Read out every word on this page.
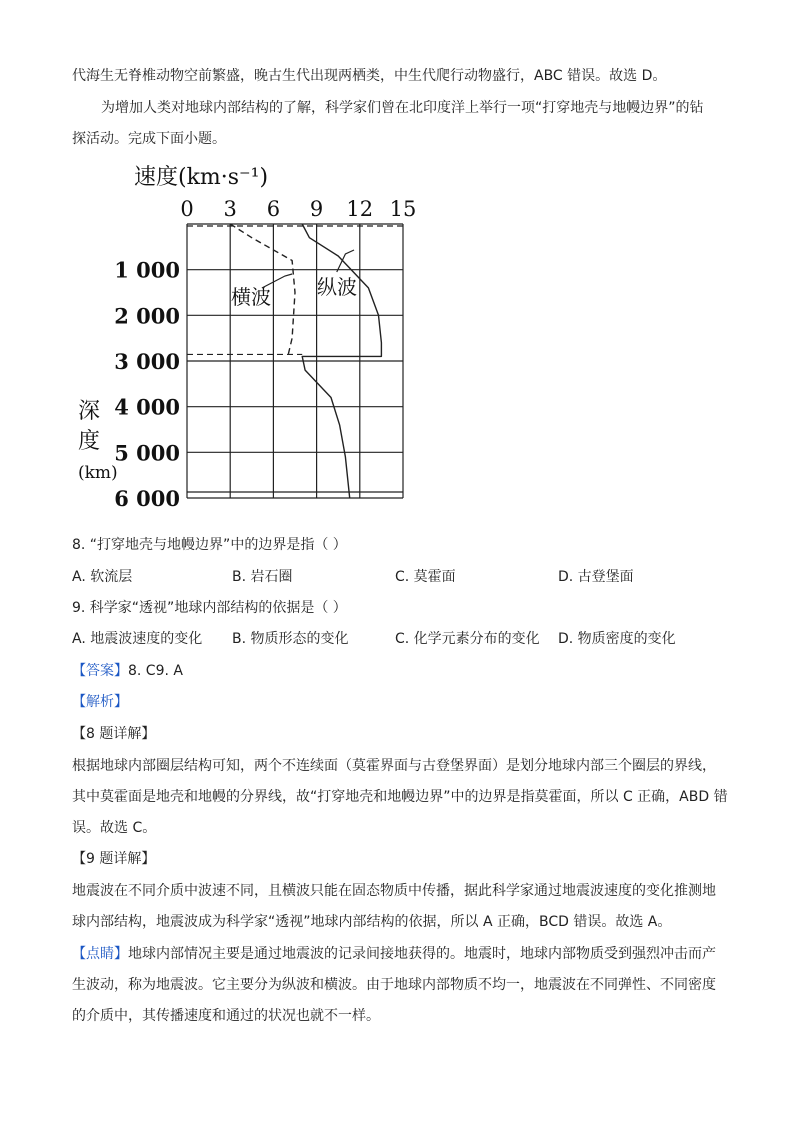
代海生无脊椎动物空前繁盛，晚古生代出现两栖类，中生代爬行动物盛行，ABC 错误。故选 D。
为增加人类对地球内部结构的了解，科学家们曾在北印度洋上举行一项“打穿地壳与地幔边界”的钻
探活动。完成下面小题。
速度(km·s⁻¹)
深度(km)
0 3 6 9 12 15
1 000
2 000
3 000
4 000
5 000
6 000
横波 纵波
8. “打穿地壳与地幔边界”中的边界是指（ ）
A. 软流层	B. 岩石圈	C. 莫霍面	D. 古登堡面
9. 科学家“透视”地球内部结构的依据是（ ）
A. 地震波速度的变化 B. 物质形态的变化	C. 化学元素分布的变化 D. 物质密度的变化
【答案】8. C9. A
【解析】
【8 题详解】
根据地球内部圈层结构可知，两个不连续面（莫霍界面与古登堡界面）是划分地球内部三个圈层的界线，
其中莫霍面是地壳和地幔的分界线，故“打穿地壳和地幔边界”中的边界是指莫霍面，所以 C 正确，ABD 错
误。故选 C。
【9 题详解】
地震波在不同介质中波速不同，且横波只能在固态物质中传播，据此科学家通过地震波速度的变化推测地
球内部结构，地震波成为科学家“透视”地球内部结构的依据，所以 A 正确，BCD 错误。故选 A。
【点睛】地球内部情况主要是通过地震波的记录间接地获得的。地震时，地球内部物质受到强烈冲击而产
生波动，称为地震波。它主要分为纵波和横波。由于地球内部物质不均一，地震波在不同弹性、不同密度
的介质中，其传播速度和通过的状况也就不一样。
